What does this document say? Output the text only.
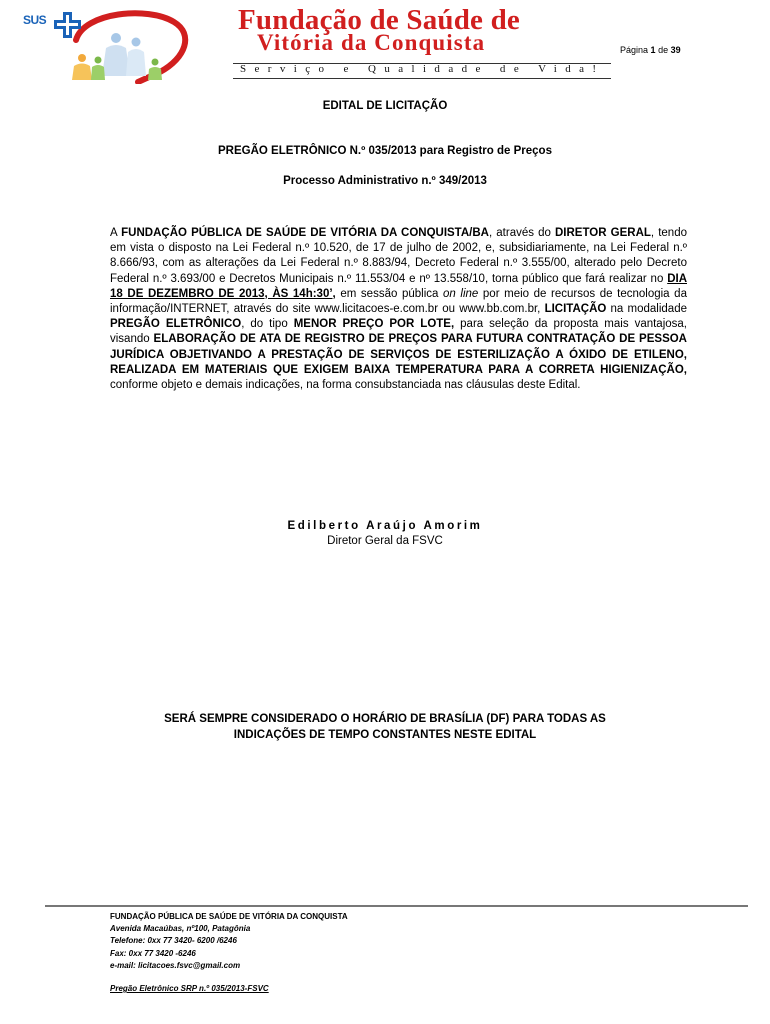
SUS	Fundação de Saúde de
Vitória da Conquista
Serviço e Qualidade de Vida!
Página 1 de 39
EDITAL DE LICITAÇÃO
PREGÃO ELETRÔNICO N.º 035/2013 para Registro de Preços
Processo Administrativo n.º 349/2013

A FUNDAÇÃO PÚBLICA DE SAÚDE DE VITÓRIA DA CONQUISTA/BA, através do DIRETOR GERAL, tendo em vista o disposto na Lei Federal n.º 10.520, de 17 de julho de 2002, e, subsidiariamente, na Lei Federal n.º 8.666/93, com as alterações da Lei Federal n.º 8.883/94, Decreto Federal n.º 3.555/00, alterado pelo Decreto Federal n.º 3.693/00 e Decretos Municipais n.º 11.553/04 e nº 13.558/10, torna público que fará realizar no DIA 18 DE DEZEMBRO DE 2013, ÀS 14h:30’, em sessão pública on line por meio de recursos de tecnologia da informação/INTERNET, através do site www.licitacoes-e.com.br ou www.bb.com.br, LICITAÇÃO na modalidade PREGÃO ELETRÔNICO, do tipo MENOR PREÇO POR LOTE, para seleção da proposta mais vantajosa, visando ELABORAÇÃO DE ATA DE REGISTRO DE PREÇOS PARA FUTURA CONTRATAÇÃO DE PESSOA JURÍDICA OBJETIVANDO A PRESTAÇÃO DE SERVIÇOS DE ESTERILIZAÇÃO A ÓXIDO DE ETILENO, REALIZADA EM MATERIAIS QUE EXIGEM BAIXA TEMPERATURA PARA A CORRETA HIGIENIZAÇÃO, conforme objeto e demais indicações, na forma consubstanciada nas cláusulas deste Edital.

Edilberto Araújo Amorim
Diretor Geral da FSVC
SERÁ SEMPRE CONSIDERADO O HORÁRIO DE BRASÍLIA (DF) PARA TODAS AS
INDICAÇÕES DE TEMPO CONSTANTES NESTE EDITAL
FUNDAÇÃO PÚBLICA DE SAÚDE DE VITÓRIA DA CONQUISTA
Avenida Macaúbas, nº100, Patagônia
Telefone: 0xx 77 3420- 6200 /6246
Fax: 0xx 77 3420 -6246
e-mail: licitacoes.fsvc@gmail.com
Pregão Eletrônico SRP n.º 035/2013-FSVC
